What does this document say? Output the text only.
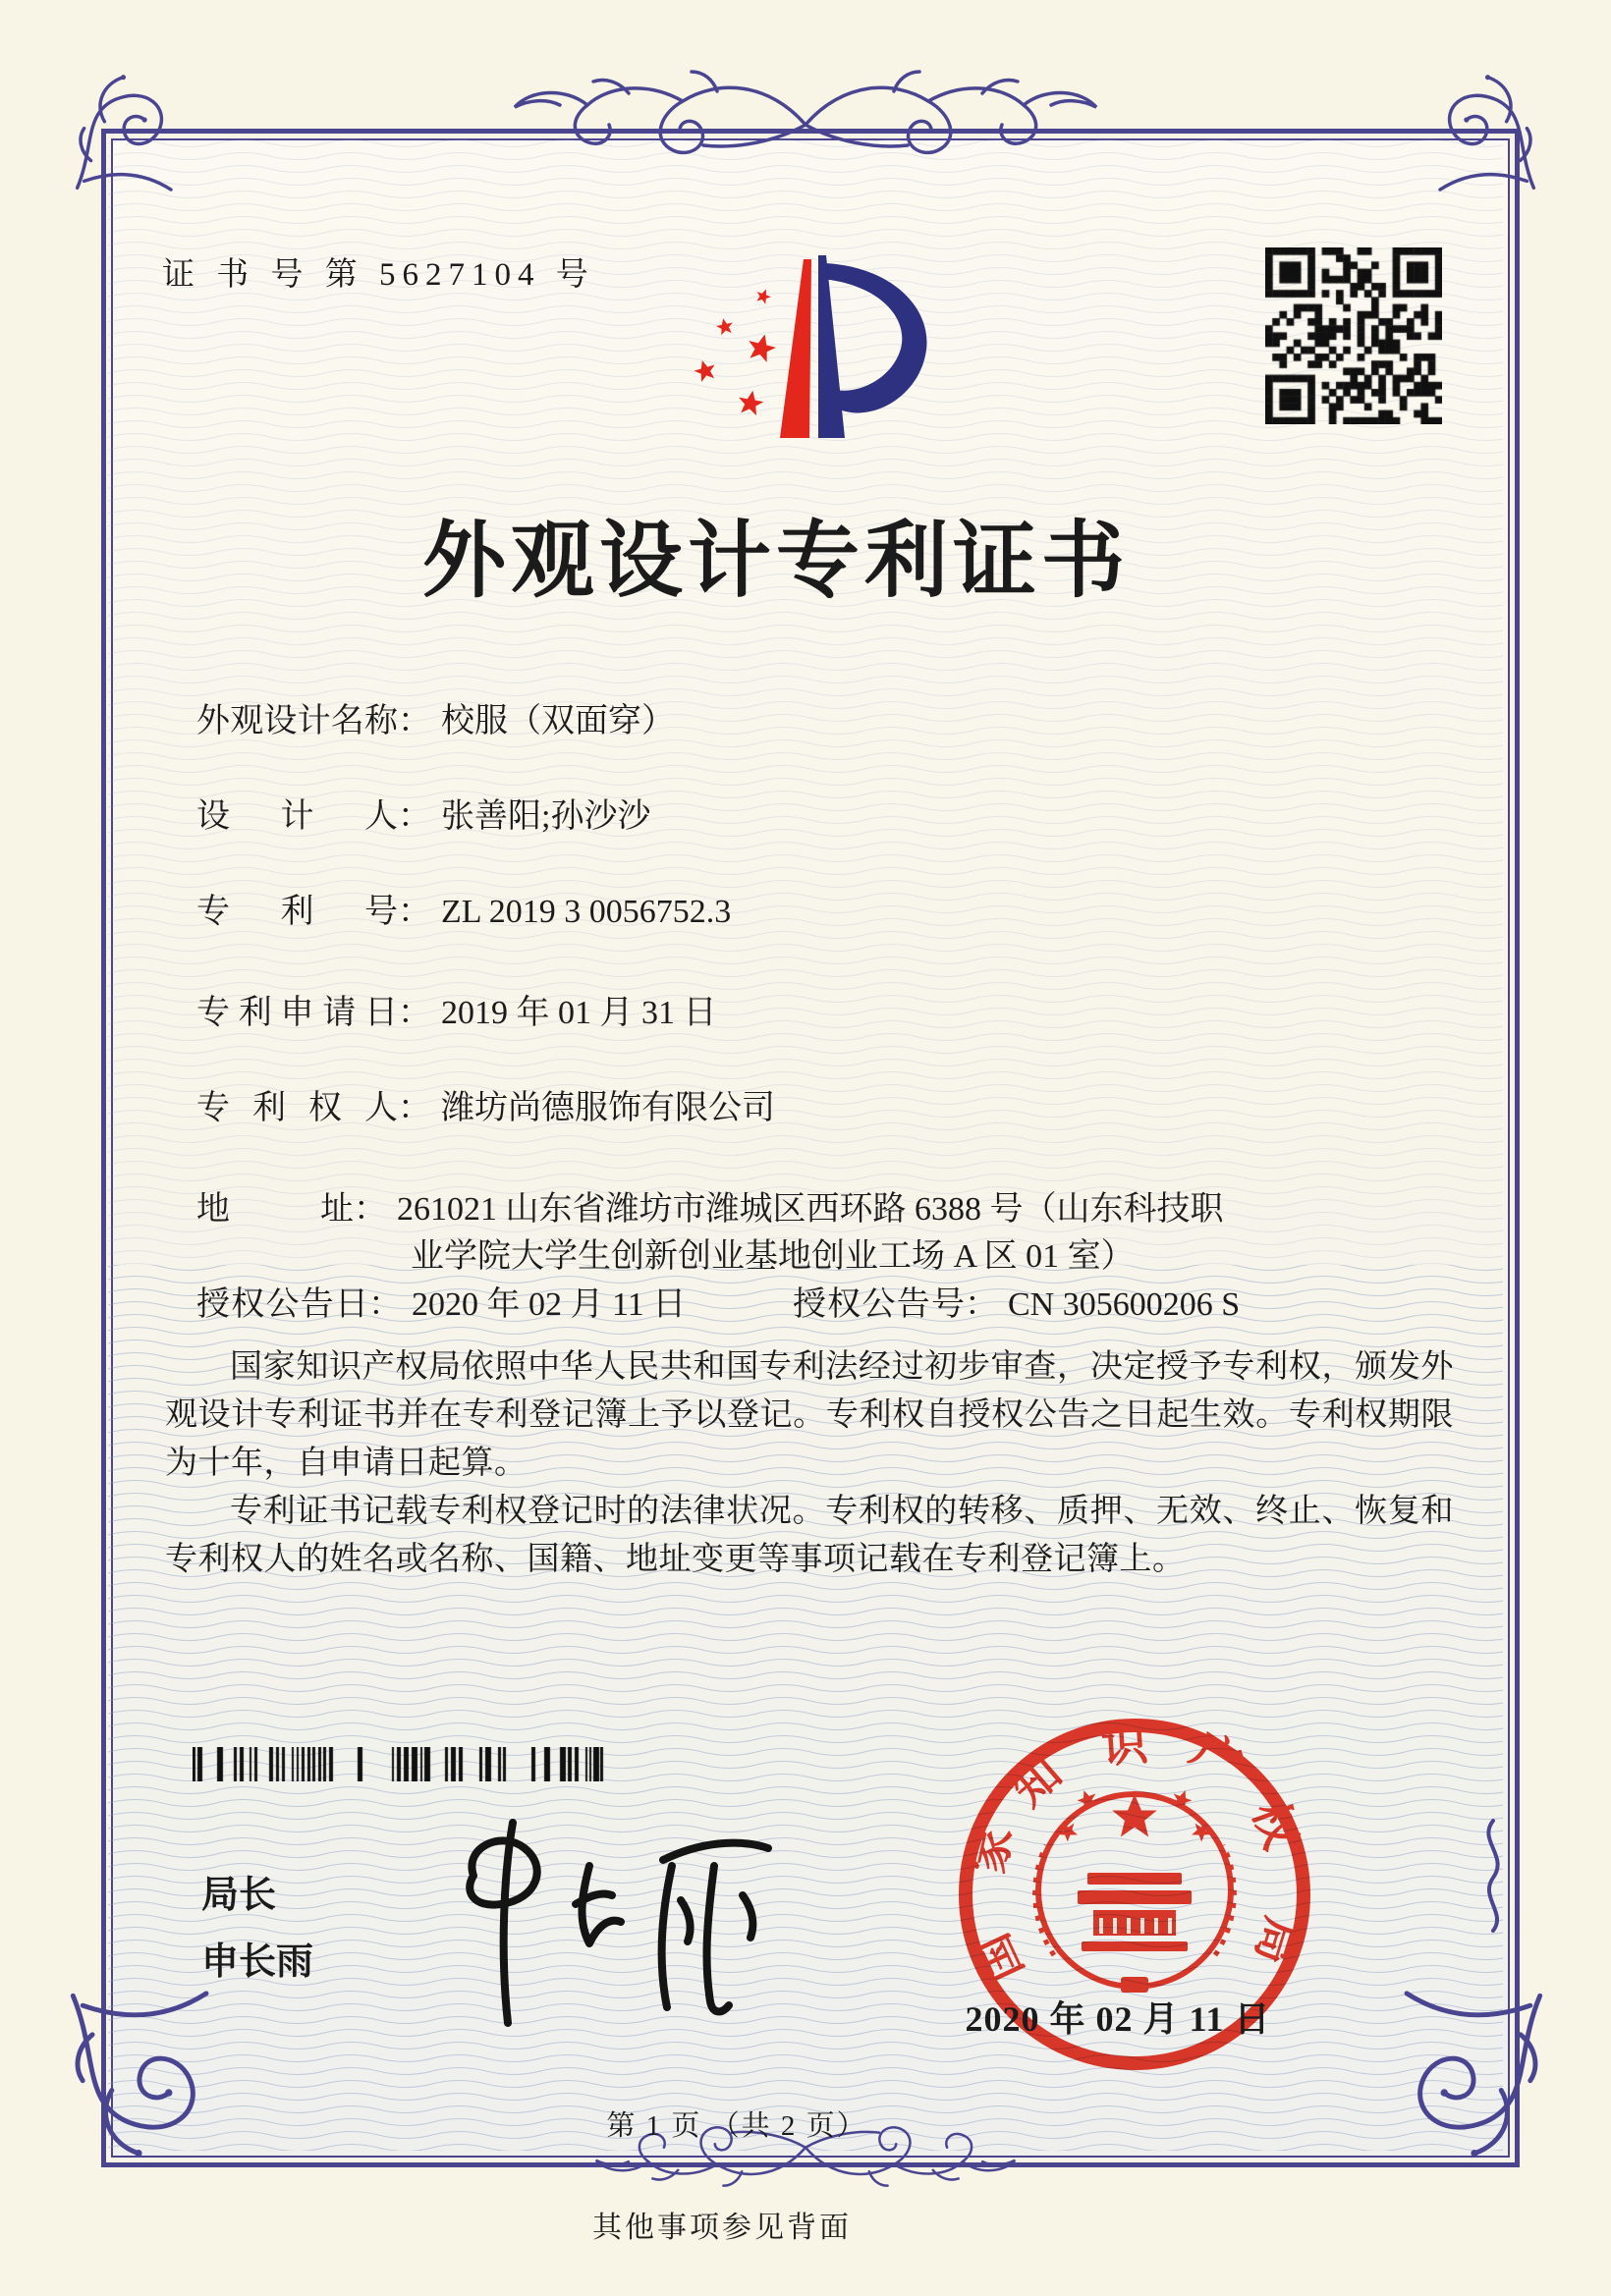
证 书 号 第 5627104 号
外观设计专利证书
外观设计名称： 校服（双面穿）
设计人： 张善阳;孙沙沙
专利号： ZL 2019 3 0056752.3
专利申请日： 2019 年 01 月 31 日
专利权人： 潍坊尚德服饰有限公司
地址： 261021 山东省潍坊市潍城区西环路 6388 号（山东科技职
业学院大学生创新创业基地创业工场 A 区 01 室）
授权公告日： 2020 年 02 月 11 日	授权公告号： CN 305600206 S

国家知识产权局依照中华人民共和国专利法经过初步审查，决定授予专利权，颁发外观设计专利证书并在专利登记簿上予以登记。专利权自授权公告之日起生效。专利权期限为十年，自申请日起算。

专利证书记载专利权登记时的法律状况。专利权的转移、质押、无效、终止、恢复和专利权人的姓名或名称、国籍、地址变更等事项记载在专利登记簿上。

局长
申长雨	国
家
知
识 产
权
局
2020 年 02 月 11 日
第 1 页 （共 2 页）
其他事项参见背面
